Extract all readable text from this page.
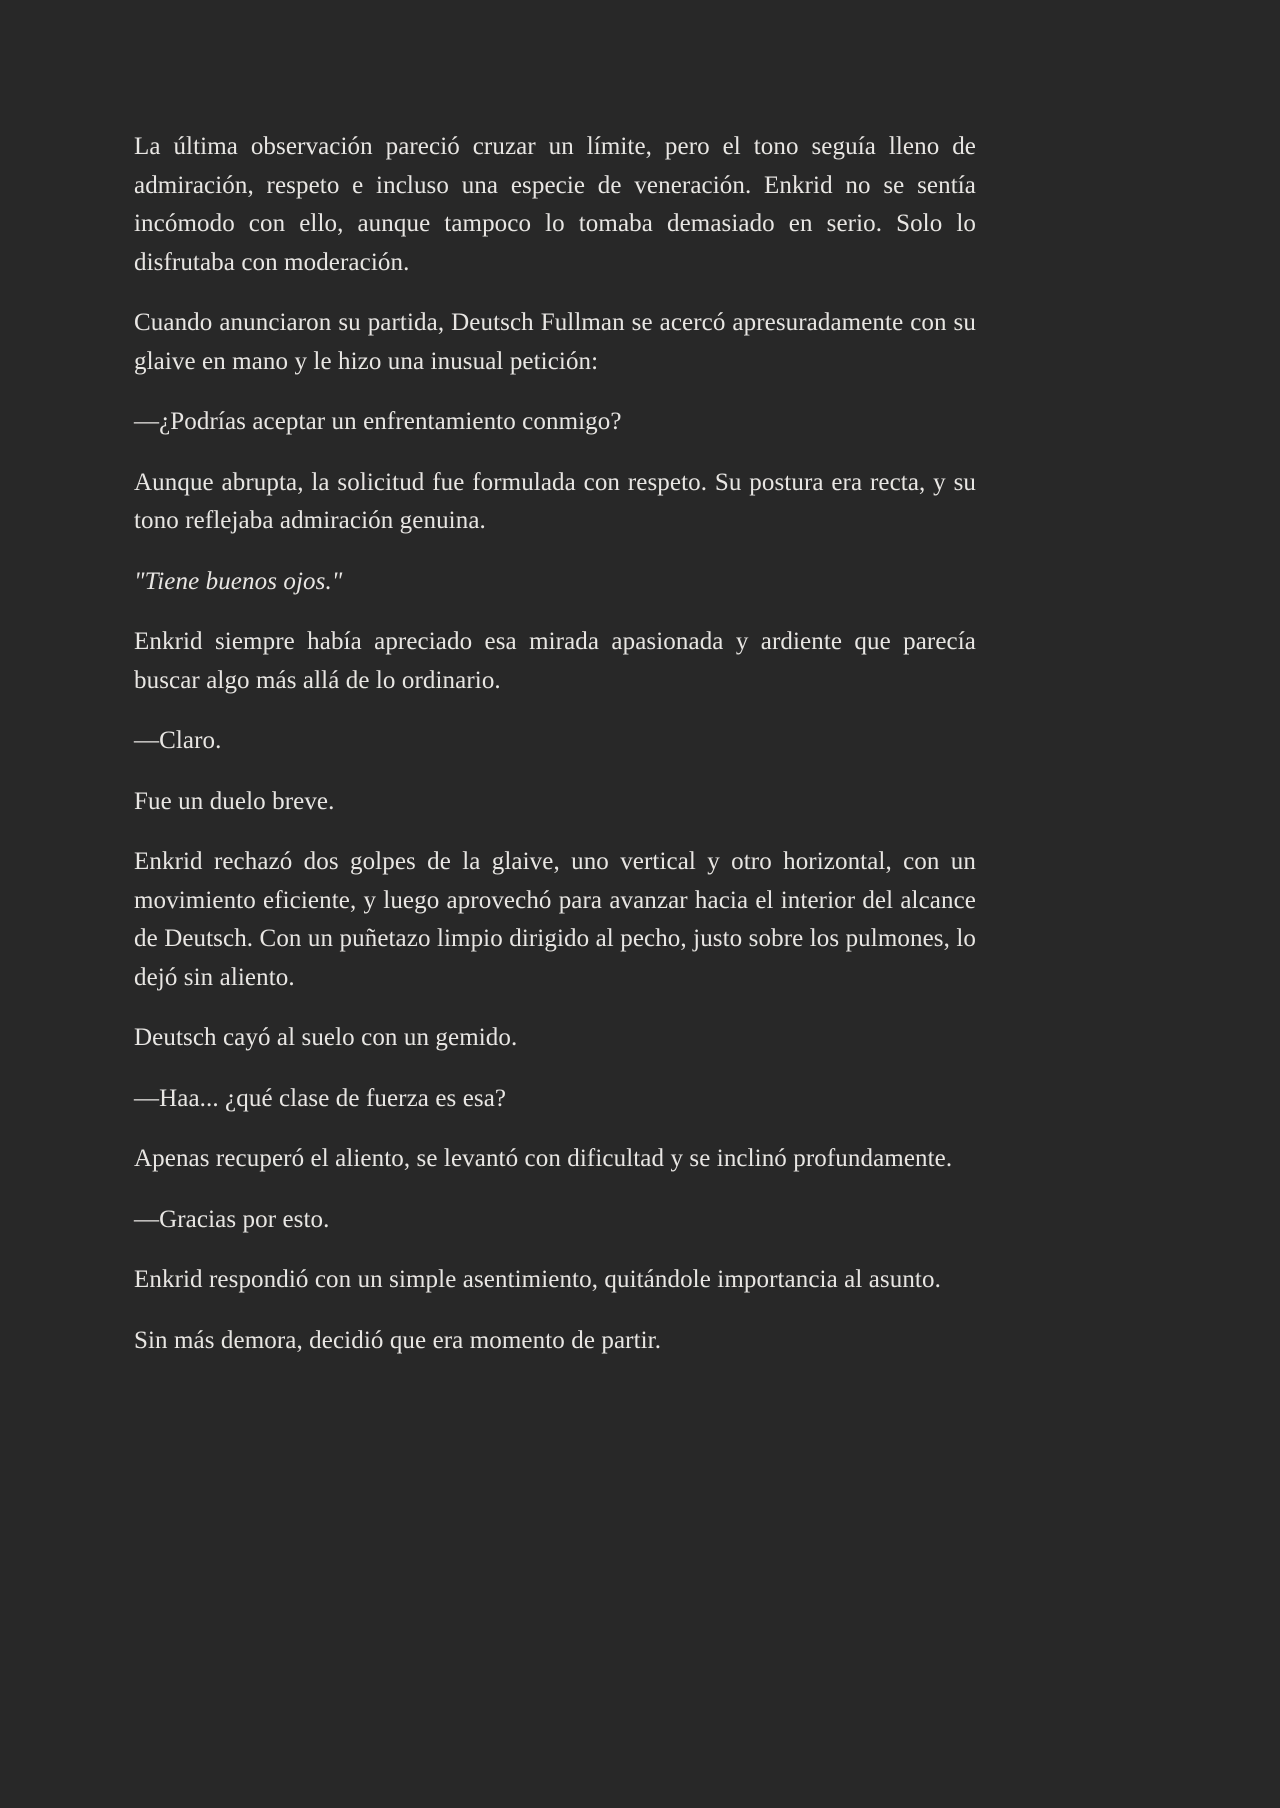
La última observación pareció cruzar un límite, pero el tono seguía lleno de admiración, respeto e incluso una especie de veneración. Enkrid no se sentía incómodo con ello, aunque tampoco lo tomaba demasiado en serio. Solo lo disfrutaba con moderación.

Cuando anunciaron su partida, Deutsch Fullman se acercó apresuradamente con su glaive en mano y le hizo una inusual petición:

—¿Podrías aceptar un enfrentamiento conmigo?

Aunque abrupta, la solicitud fue formulada con respeto. Su postura era recta, y su tono reflejaba admiración genuina.

"Tiene buenos ojos."

Enkrid siempre había apreciado esa mirada apasionada y ardiente que parecía buscar algo más allá de lo ordinario.

—Claro.

Fue un duelo breve.

Enkrid rechazó dos golpes de la glaive, uno vertical y otro horizontal, con un movimiento eficiente, y luego aprovechó para avanzar hacia el interior del alcance de Deutsch. Con un puñetazo limpio dirigido al pecho, justo sobre los pulmones, lo dejó sin aliento.

Deutsch cayó al suelo con un gemido.

—Haa... ¿qué clase de fuerza es esa?

Apenas recuperó el aliento, se levantó con dificultad y se inclinó profundamente.

—Gracias por esto.

Enkrid respondió con un simple asentimiento, quitándole importancia al asunto.

Sin más demora, decidió que era momento de partir.
